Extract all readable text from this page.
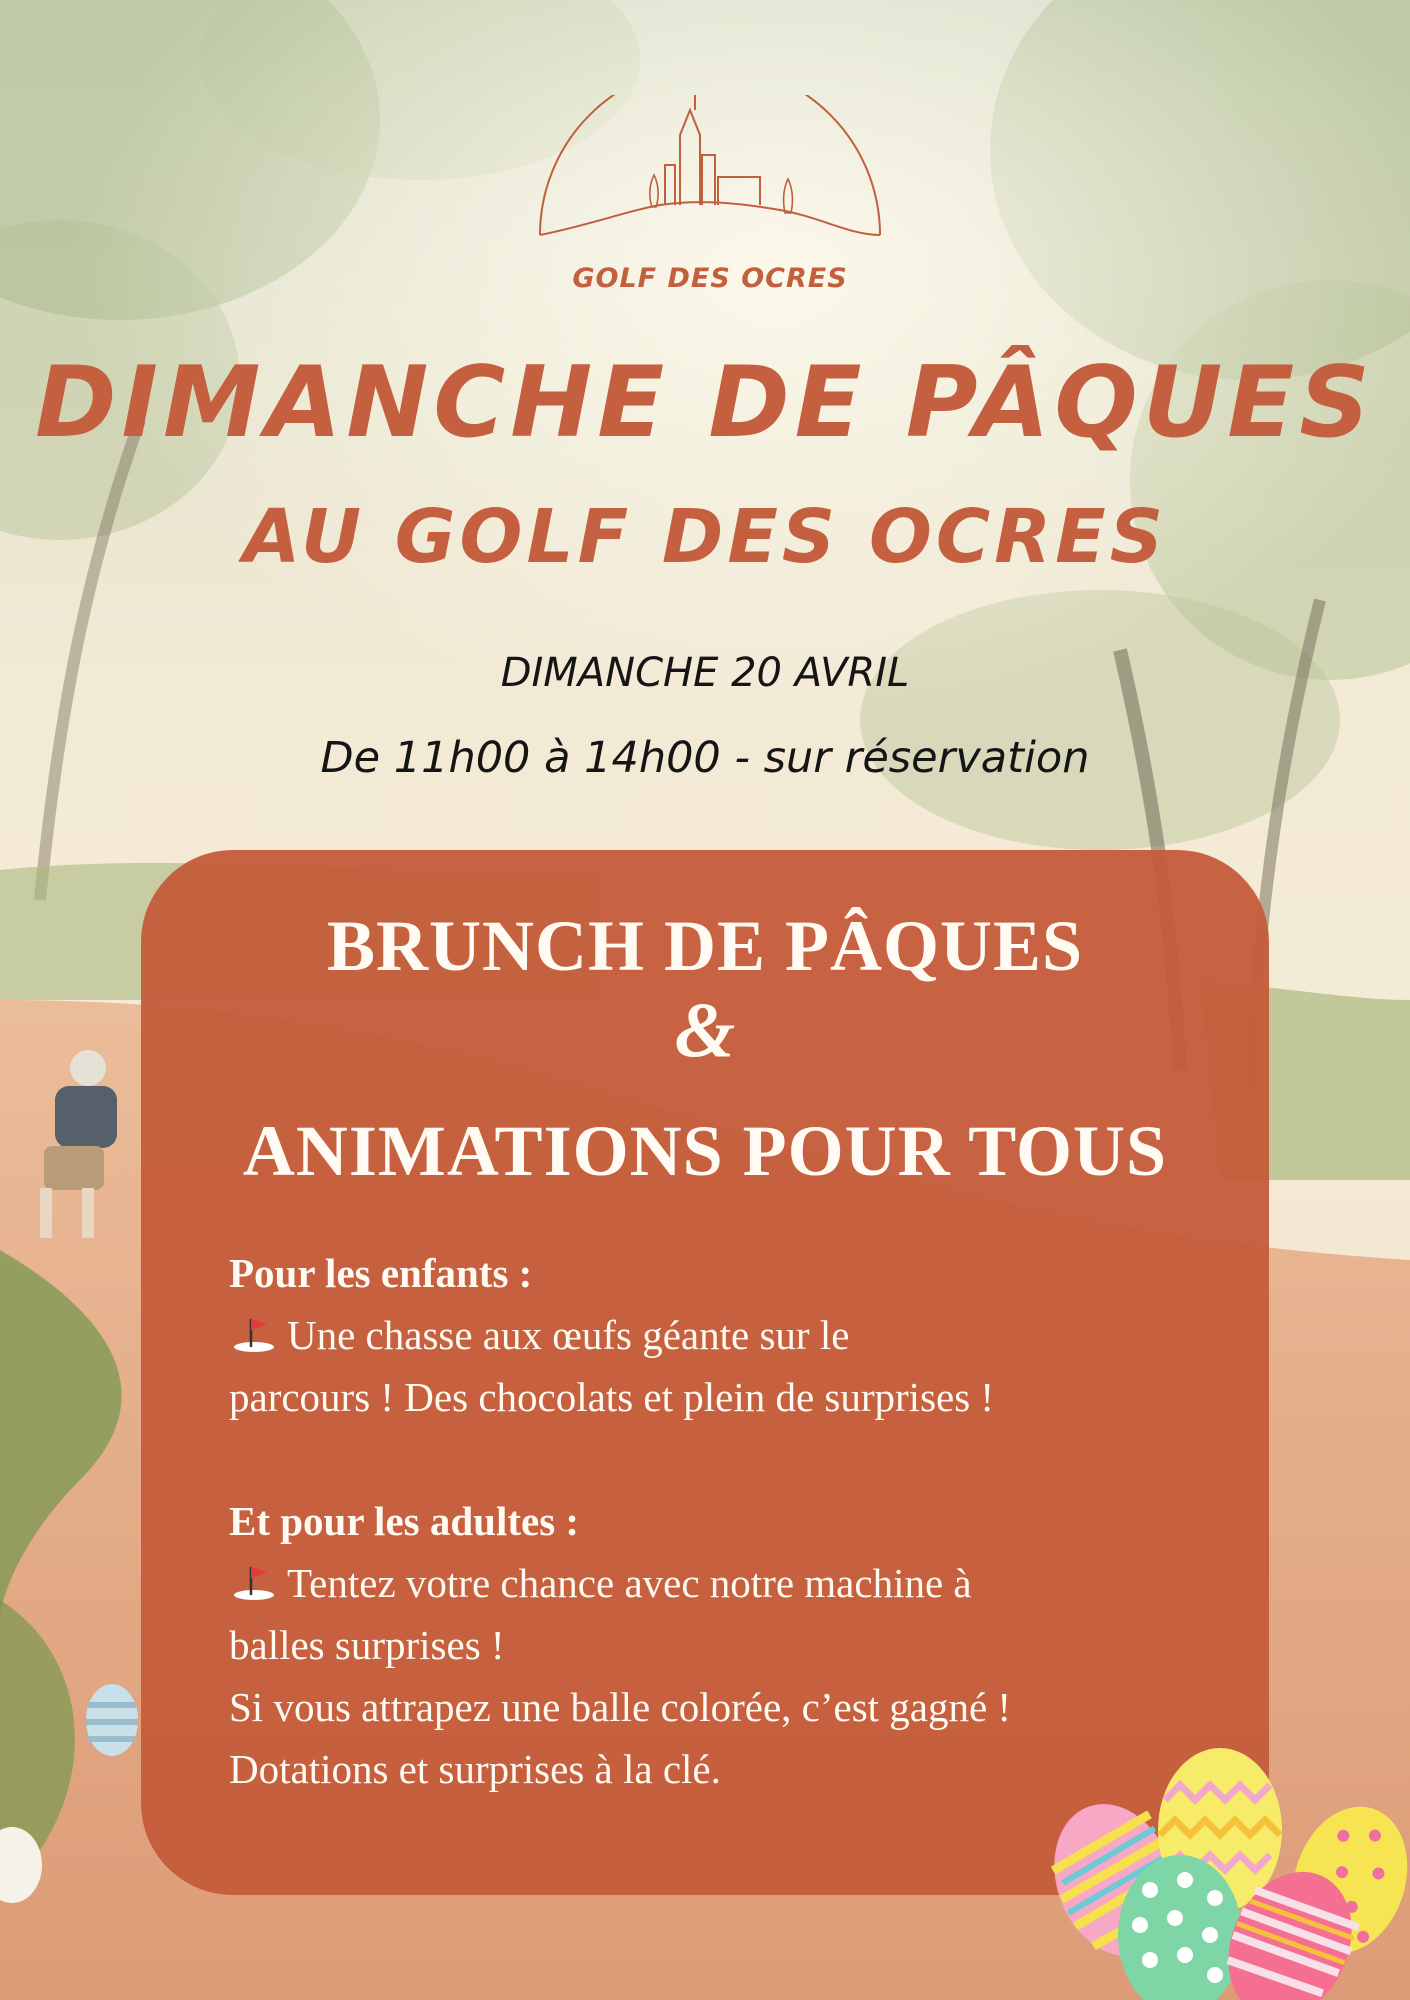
GOLF DES OCRES
DIMANCHE DE PÂQUES
AU GOLF DES OCRES
DIMANCHE 20 AVRIL
De 11h00 à 14h00 - sur réservation
BRUNCH DE PÂQUES
&
ANIMATIONS POUR TOUS
Pour les enfants :
Une chasse aux œufs géante sur le
parcours ! Des chocolats et plein de surprises !
Et pour les adultes :
Tentez votre chance avec notre machine à
balles surprises !
Si vous attrapez une balle colorée, c’est gagné !
Dotations et surprises à la clé.
